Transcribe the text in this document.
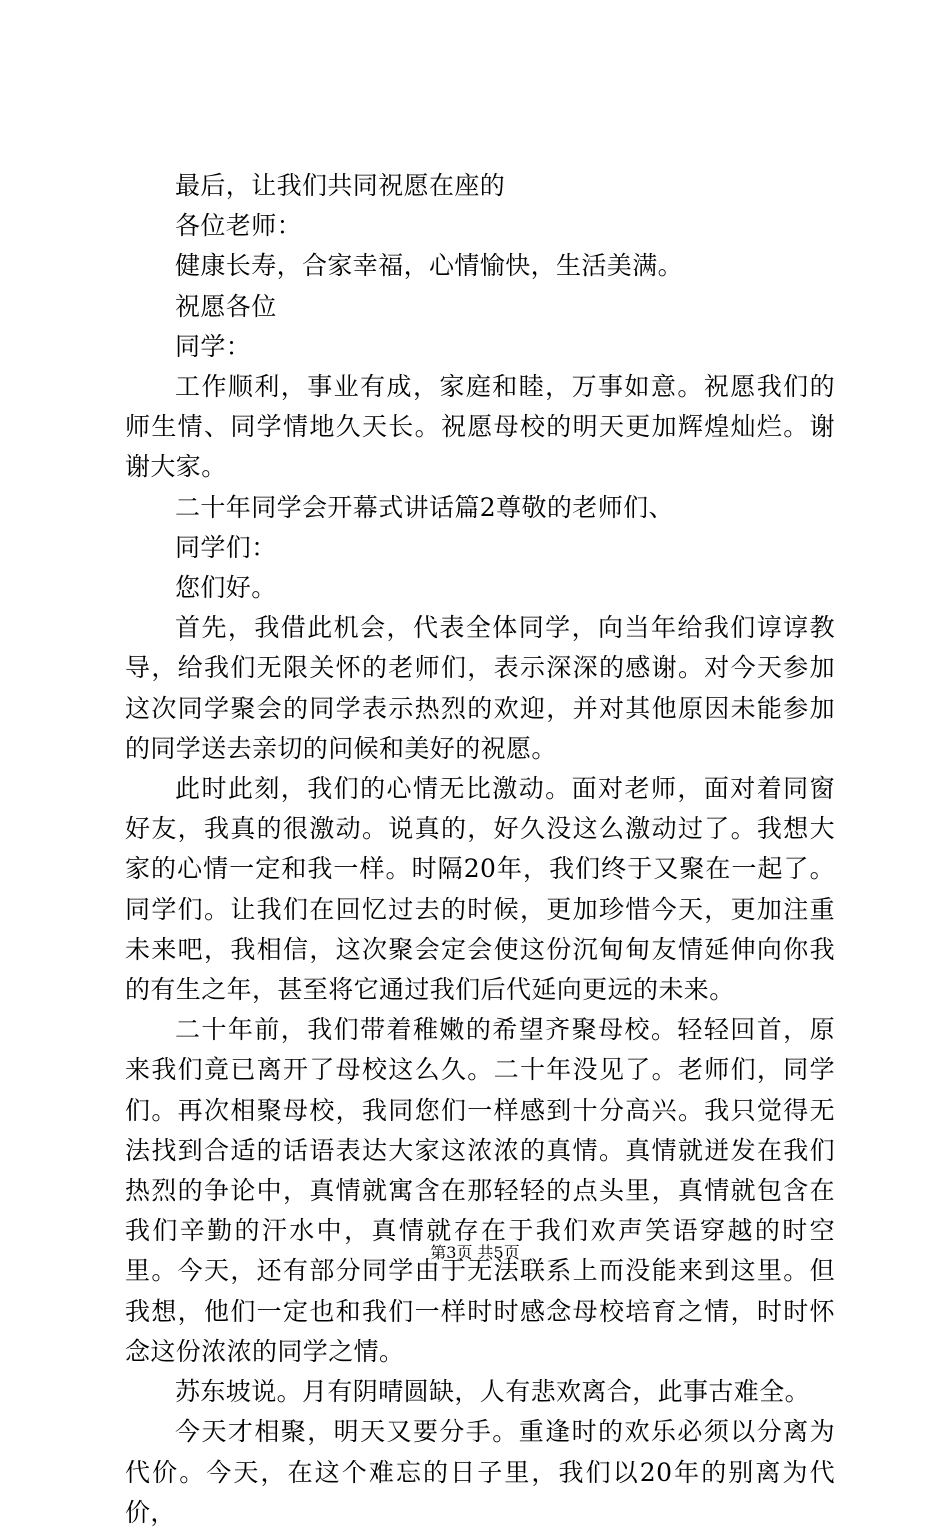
最后，让我们共同祝愿在座的

各位老师：

健康长寿，合家幸福，心情愉快，生活美满。

祝愿各位

同学：

工作顺利，事业有成，家庭和睦，万事如意。祝愿我们的师生情、同学情地久天长。祝愿母校的明天更加辉煌灿烂。谢谢大家。

二十年同学会开幕式讲话篇2尊敬的老师们、

同学们：

您们好。

首先，我借此机会，代表全体同学，向当年给我们谆谆教导，给我们无限关怀的老师们，表示深深的感谢。对今天参加这次同学聚会的同学表示热烈的欢迎，并对其他原因未能参加的同学送去亲切的问候和美好的祝愿。

此时此刻，我们的心情无比激动。面对老师，面对着同窗好友，我真的很激动。说真的，好久没这么激动过了。我想大家的心情一定和我一样。时隔20年，我们终于又聚在一起了。同学们。让我们在回忆过去的时候，更加珍惜今天，更加注重未来吧，我相信，这次聚会定会使这份沉甸甸友情延伸向你我的有生之年，甚至将它通过我们后代延向更远的未来。

二十年前，我们带着稚嫩的希望齐聚母校。轻轻回首，原来我们竟已离开了母校这么久。二十年没见了。老师们，同学们。再次相聚母校，我同您们一样感到十分高兴。我只觉得无法找到合适的话语表达大家这浓浓的真情。真情就迸发在我们热烈的争论中，真情就寓含在那轻轻的点头里，真情就包含在我们辛勤的汗水中，真情就存在于我们欢声笑语穿越的时空里。今天，还有部分同学由于无法联系上而没能来到这里。但我想，他们一定也和我们一样时时感念母校培育之情，时时怀念这份浓浓的同学之情。

苏东坡说。月有阴晴圆缺，人有悲欢离合，此事古难全。

今天才相聚，明天又要分手。重逢时的欢乐必须以分离为代价。今天，在这个难忘的日子里，我们以20年的别离为代价，

第3页 共5页
